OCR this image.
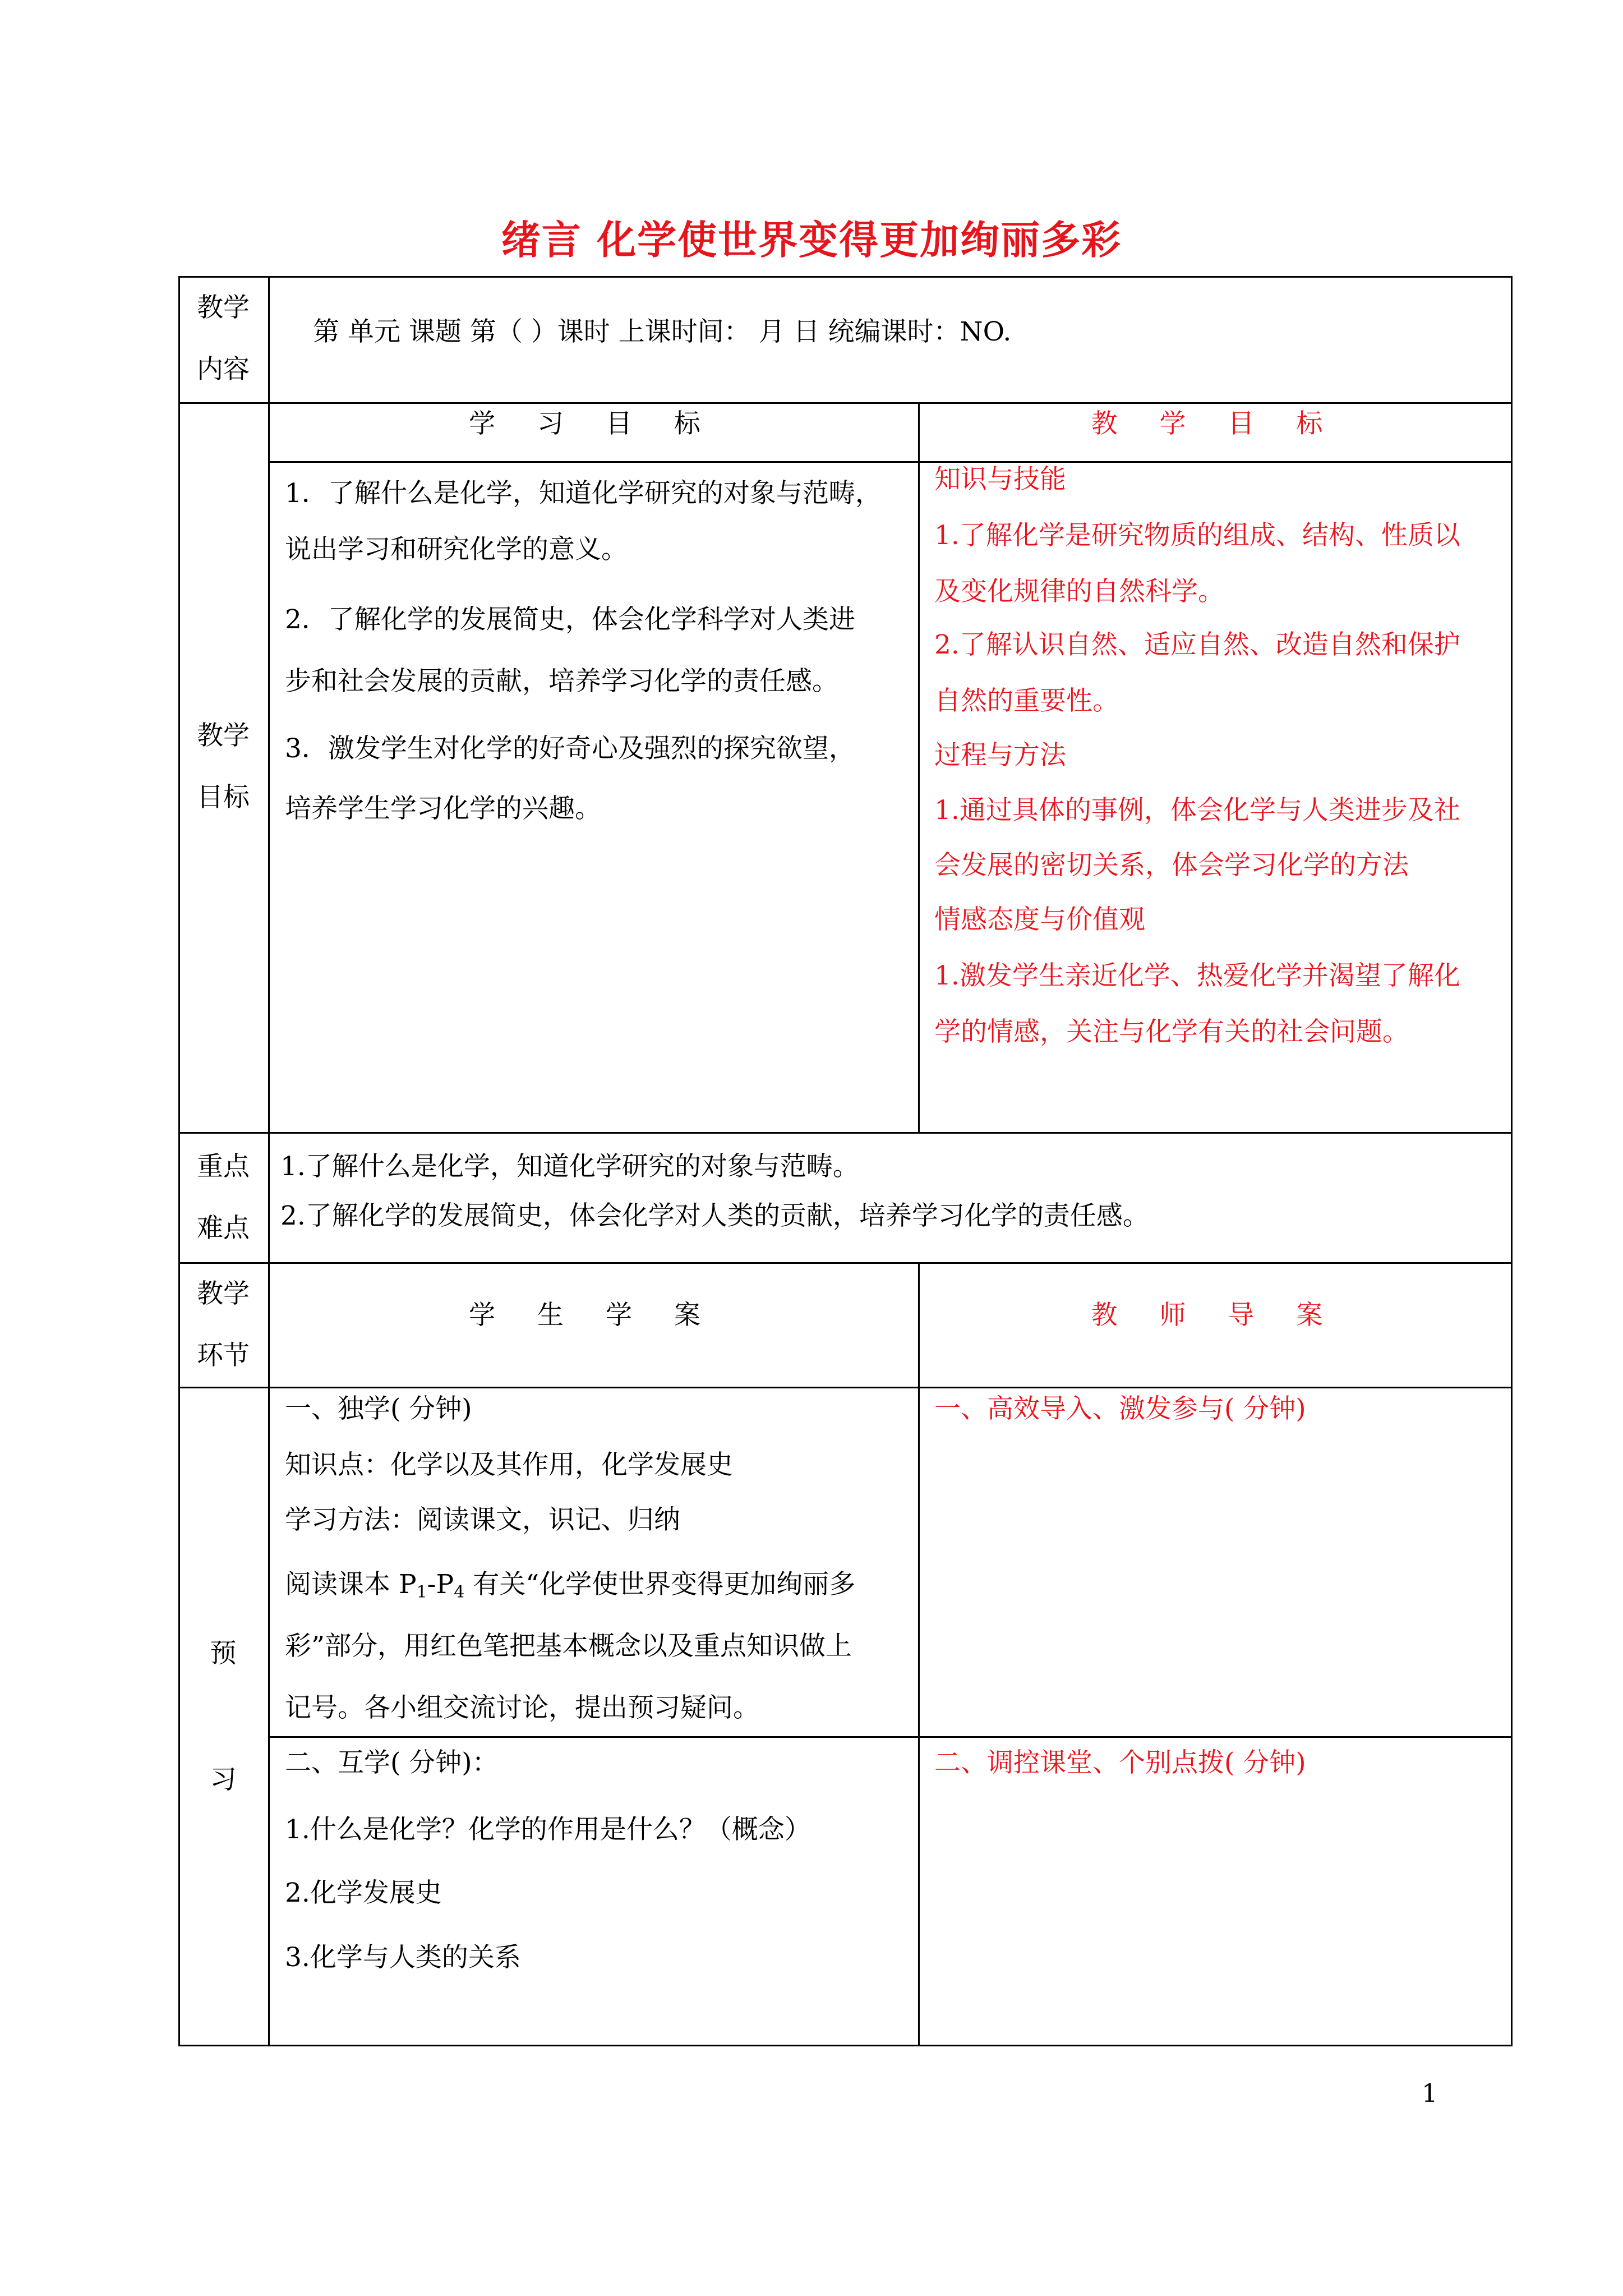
绪言 化学使世界变得更加绚丽多彩
教学
内容
第 单元 课题 第（ ）课时 上课时间： 月 日 统编课时：NO.
教学
目标
学 习 目 标	教 学 目 标
1．了解什么是化学，知道化学研究的对象与范畴，
说出学习和研究化学的意义。
2．了解化学的发展简史，体会化学科学对人类进
步和社会发展的贡献，培养学习化学的责任感。
3．激发学生对化学的好奇心及强烈的探究欲望，
培养学生学习化学的兴趣。
知识与技能
1.了解化学是研究物质的组成、结构、性质以
及变化规律的自然科学。
2.了解认识自然、适应自然、改造自然和保护
自然的重要性。
过程与方法
1.通过具体的事例，体会化学与人类进步及社
会发展的密切关系，体会学习化学的方法
情感态度与价值观
1.激发学生亲近化学、热爱化学并渴望了解化
学的情感，关注与化学有关的社会问题。
重点
难点
1.了解什么是化学，知道化学研究的对象与范畴。
2.了解化学的发展简史，体会化学对人类的贡献，培养学习化学的责任感。
教学
环节
学 生 学 案	教 师 导 案
预
习
一、独学( 分钟)
知识点：化学以及其作用，化学发展史
学习方法：阅读课文，识记、归纳
阅读课本 $P_1-P_4$ 有关“化学使世界变得更加绚丽多
彩”部分，用红色笔把基本概念以及重点知识做上
记号。各小组交流讨论，提出预习疑问。
一、高效导入、激发参与( 分钟)
二、互学( 分钟)：
1.什么是化学？化学的作用是什么？（概念）
2.化学发展史
3.化学与人类的关系
二、调控课堂、个别点拨( 分钟)
1
